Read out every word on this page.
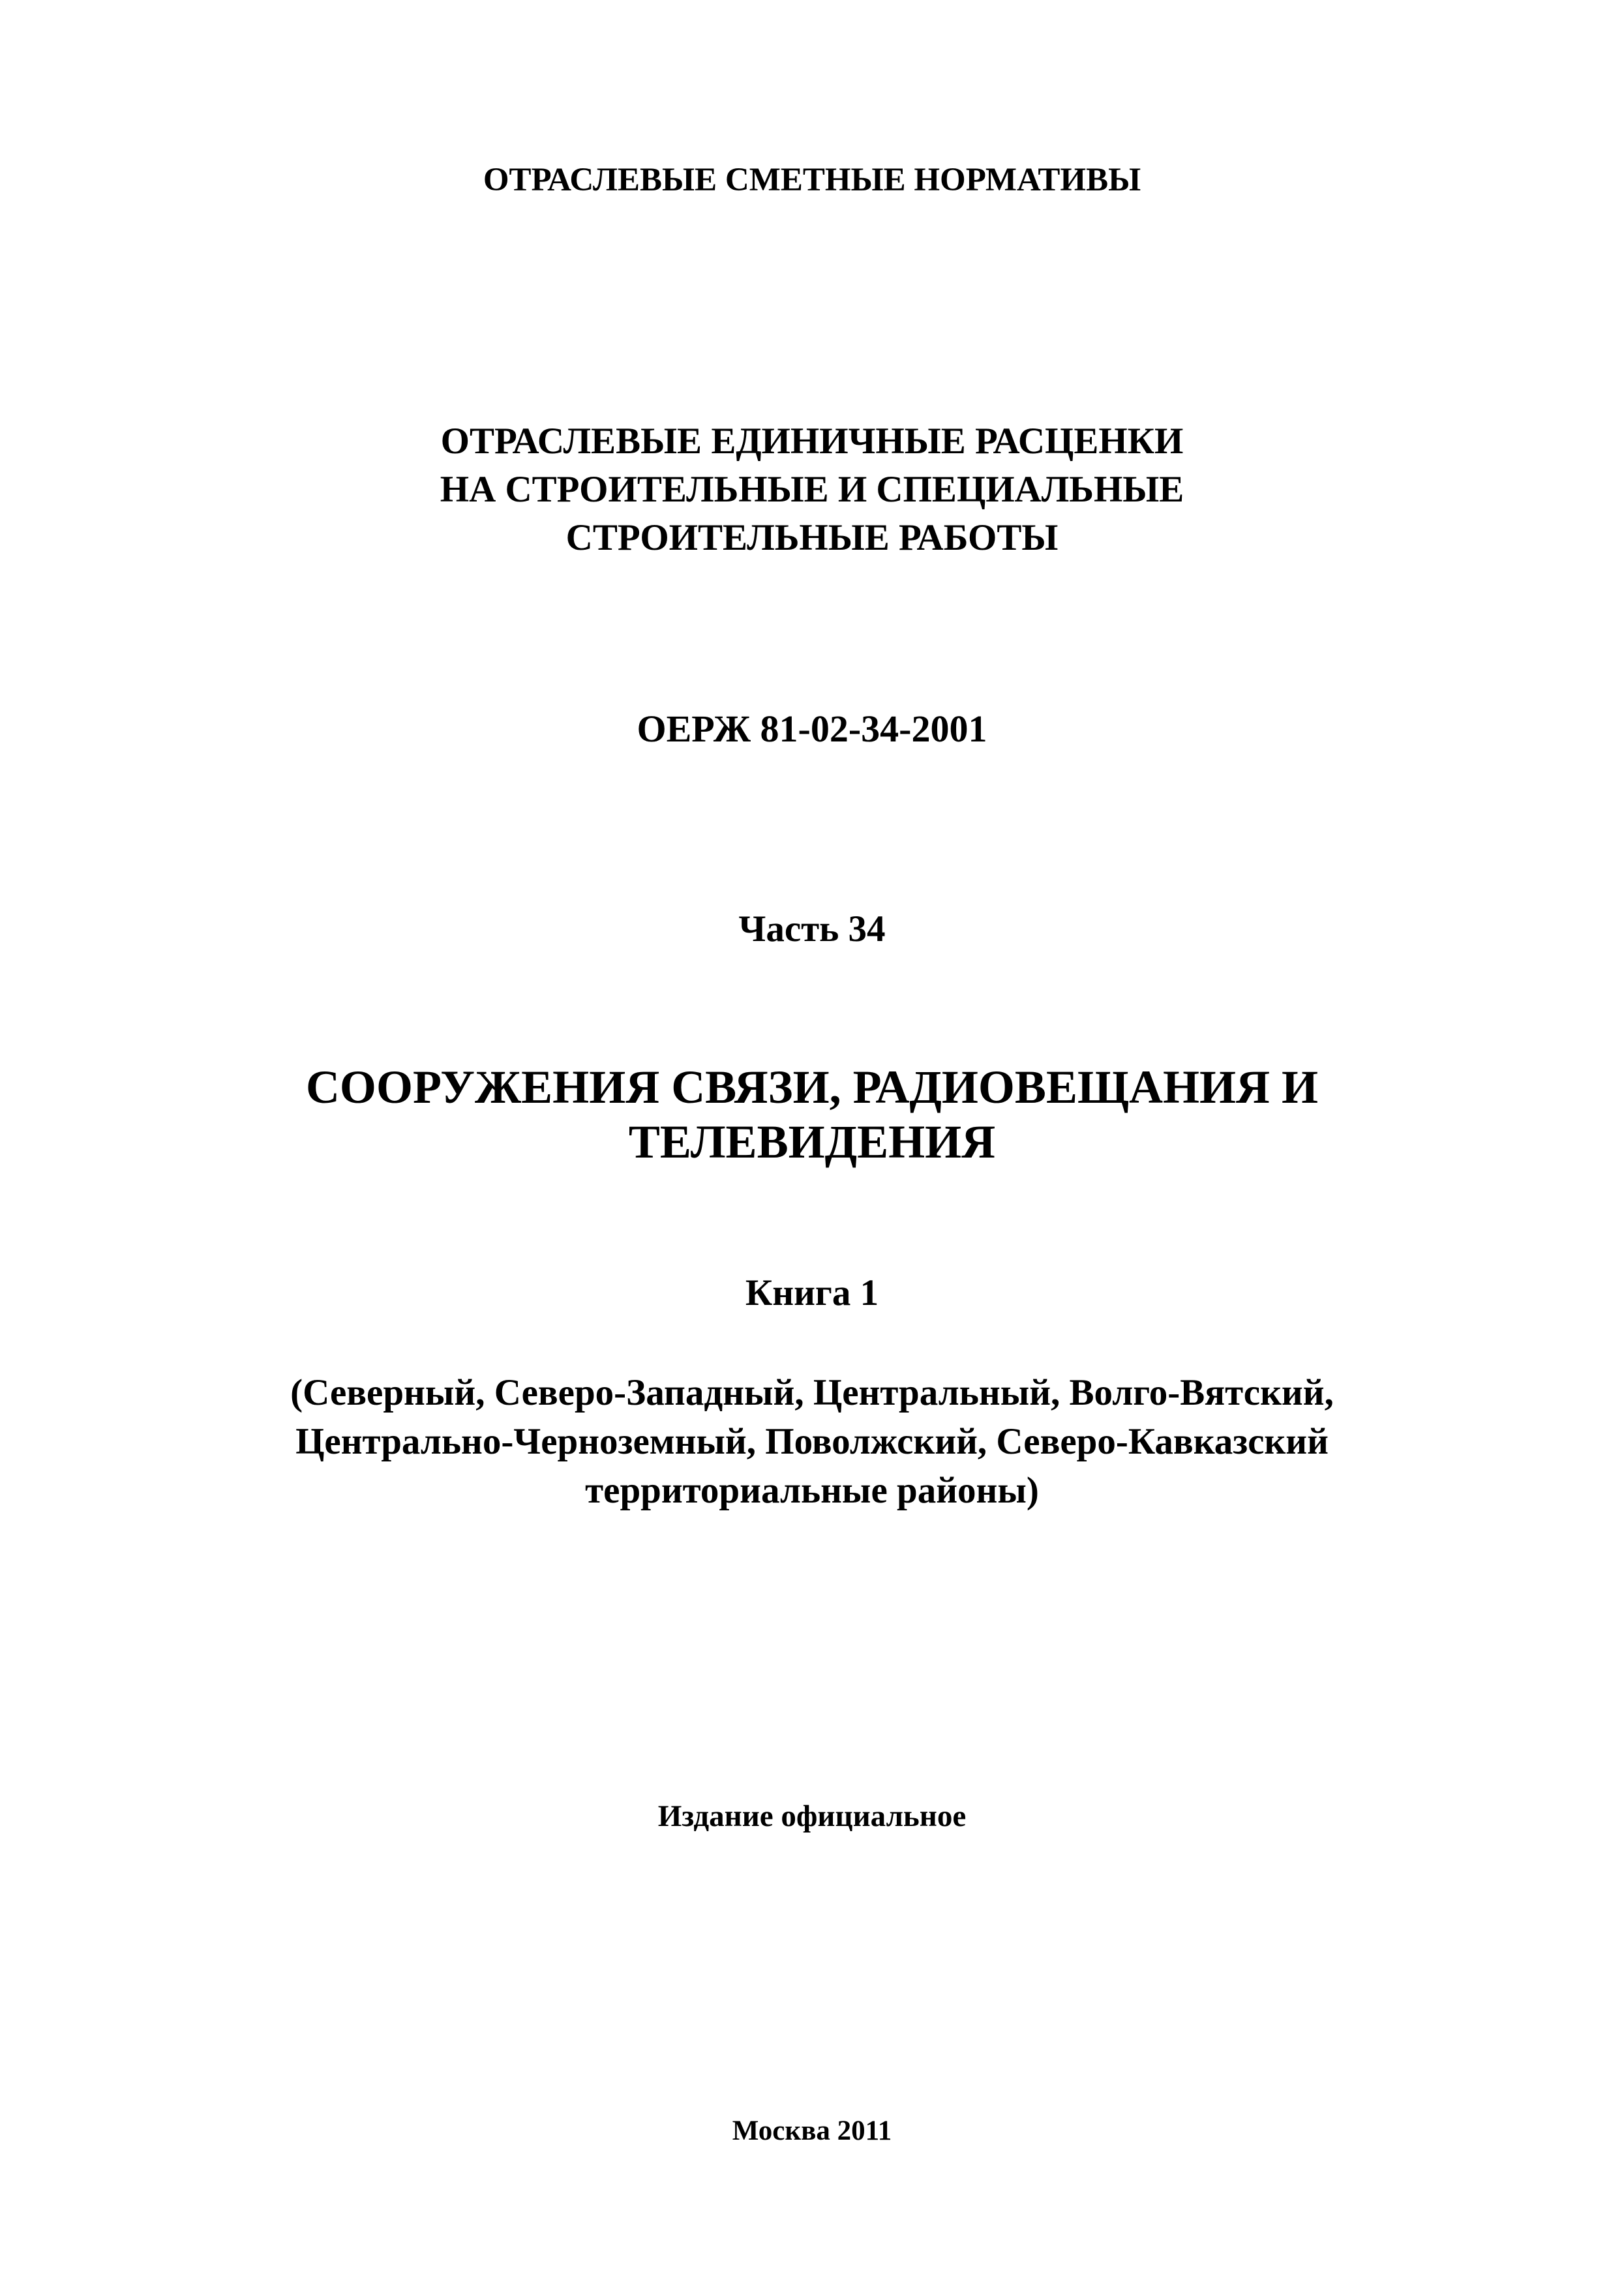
ОТРАСЛЕВЫЕ СМЕТНЫЕ НОРМАТИВЫ
ОТРАСЛЕВЫЕ ЕДИНИЧНЫЕ РАСЦЕНКИ
НА СТРОИТЕЛЬНЫЕ И СПЕЦИАЛЬНЫЕ
СТРОИТЕЛЬНЫЕ РАБОТЫ
ОЕРЖ 81-02-34-2001
Часть 34
СООРУЖЕНИЯ СВЯЗИ, РАДИОВЕЩАНИЯ И
ТЕЛЕВИДЕНИЯ
Книга 1
(Северный, Северо-Западный, Центральный, Волго-Вятский,
Центрально-Черноземный, Поволжский, Северо-Кавказский
территориальные районы)
Издание официальное
Москва 2011
